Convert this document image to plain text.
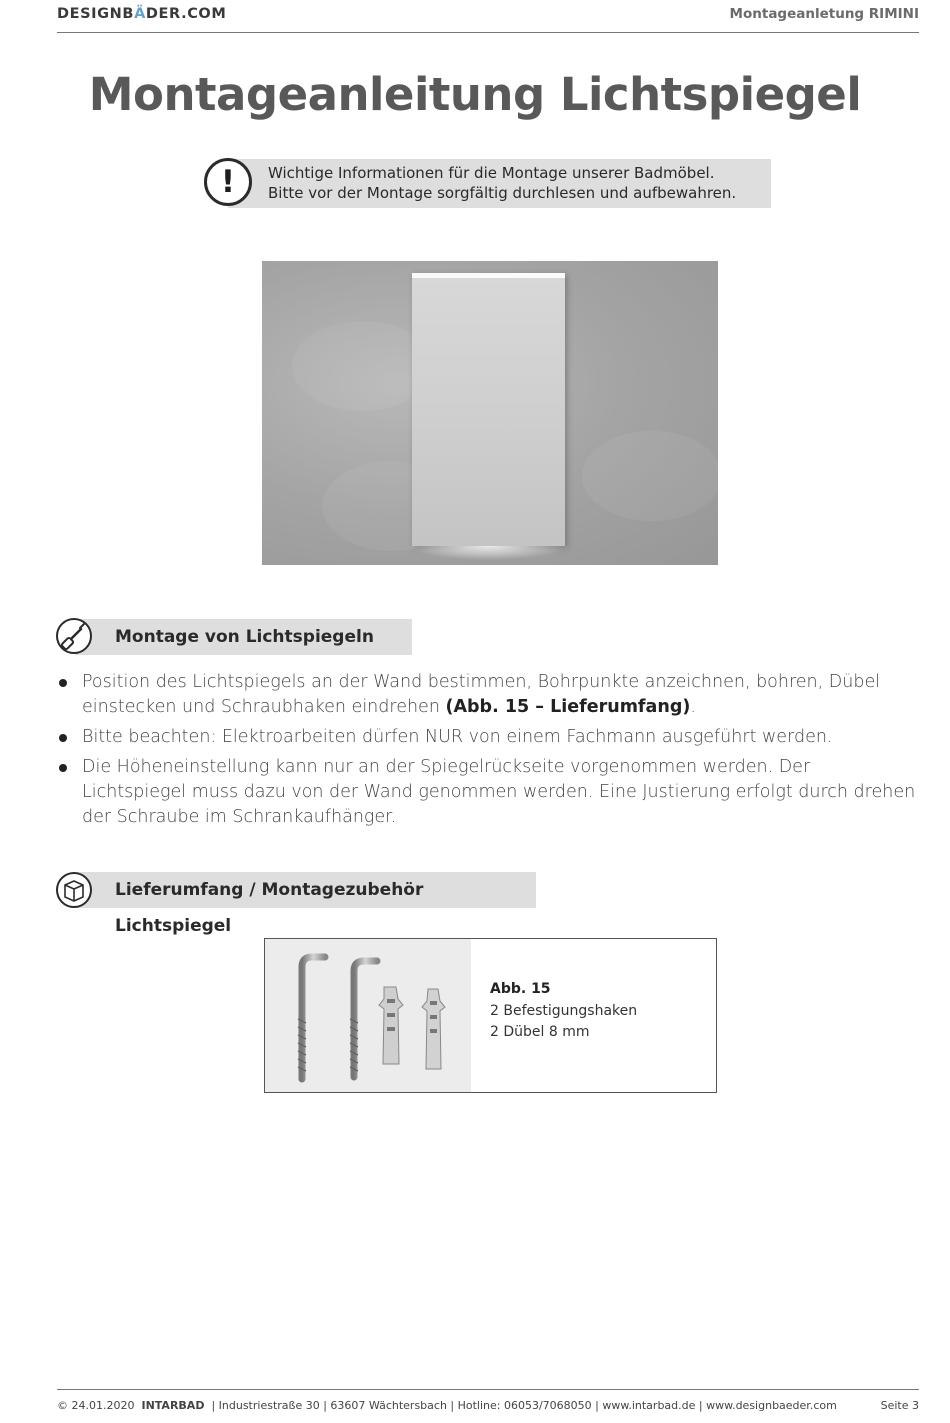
DESIGNBÄDER.COM	Montageanletung RIMINI
Montageanleitung Lichtspiegel
!	Wichtige Informationen für die Montage unserer Badmöbel.
Bitte vor der Montage sorgfältig durchlesen und aufbewahren.
Montage von Lichtspiegeln
Position des Lichtspiegels an der Wand bestimmen, Bohrpunkte anzeichnen, bohren, Dübel einstecken und Schraubhaken eindrehen (Abb. 15 – Lieferumfang).
Bitte beachten: Elektroarbeiten dürfen NUR von einem Fachmann ausgeführt werden.
Die Höheneinstellung kann nur an der Spiegelrückseite vorgenommen werden. Der Lichtspiegel muss dazu von der Wand genommen werden. Eine Justierung erfolgt durch drehen der Schraube im Schrankaufhänger.
Lieferumfang / Montagezubehör Lichtspiegel
Abb. 15
2 Befestigungshaken
2 Dübel 8 mm
© 24.01.2020 INTARBAD | Industriestraße 30 | 63607 Wächtersbach | Hotline: 06053/7068050 | www.intarbad.de | www.designbaeder.com	Seite 3
